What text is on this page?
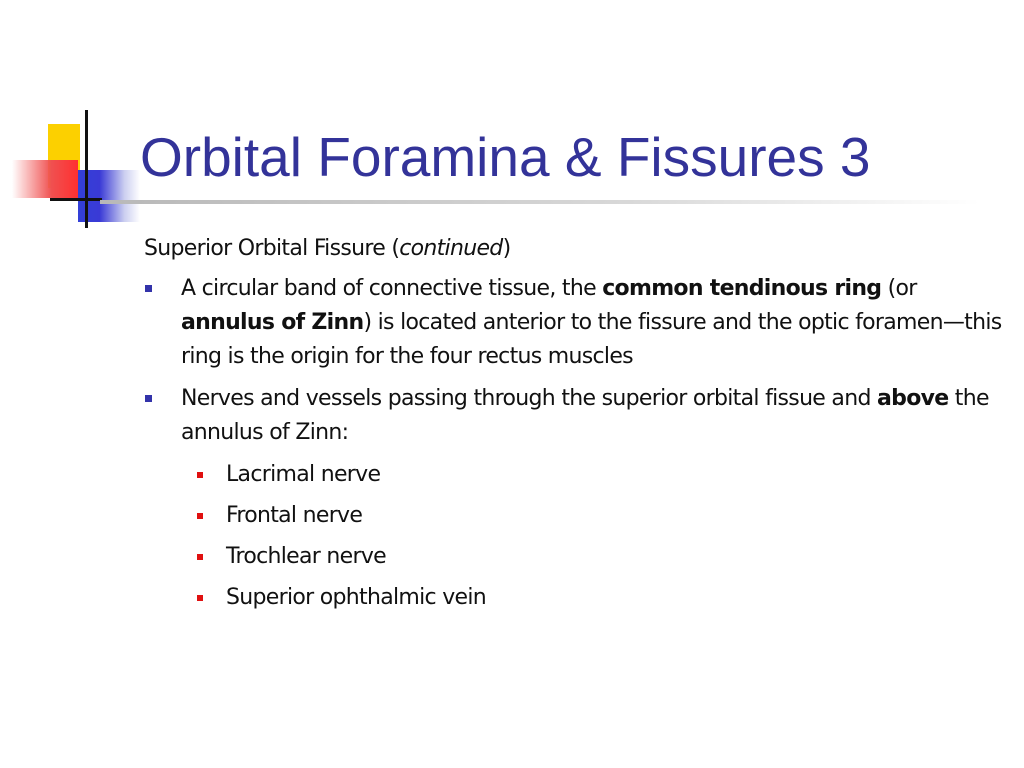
Orbital Foramina & Fissures 3
Superior Orbital Fissure (continued)
A circular band of connective tissue, the common tendinous ring (or annulus of Zinn) is located anterior to the fissure and the optic foramen—this ring is the origin for the four rectus muscles
Nerves and vessels passing through the superior orbital fissue and above the annulus of Zinn:
Lacrimal nerve
Frontal nerve
Trochlear nerve
Superior ophthalmic vein
